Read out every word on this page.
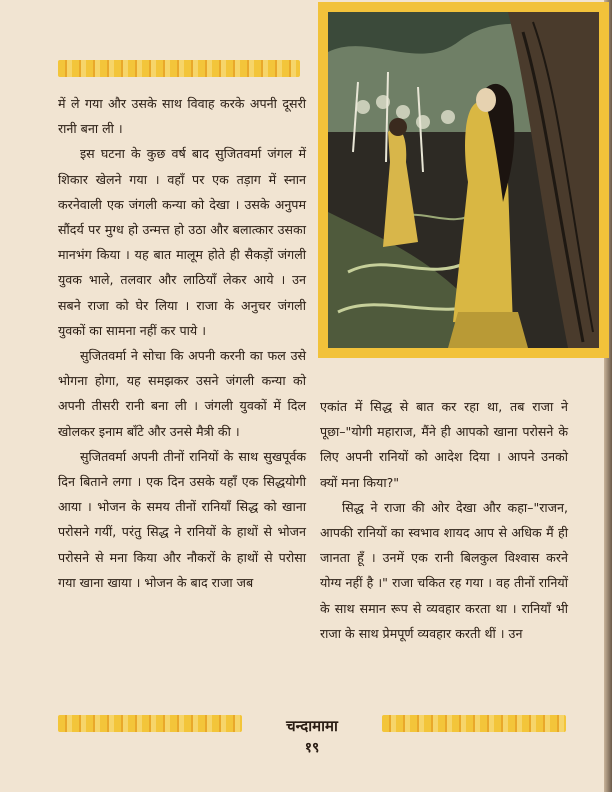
में ले गया और उसके साथ विवाह करके अपनी दूसरी रानी बना ली ।

इस घटना के कुछ वर्ष बाद सुजितवर्मा जंगल में शिकार खेलने गया । वहाँ पर एक तड़ाग में स्नान करनेवाली एक जंगली कन्या को देखा । उसके अनुपम सौंदर्य पर मुग्ध हो उन्मत्त हो उठा और बलात्कार उसका मानभंग किया । यह बात मालूम होते ही सैकड़ों जंगली युवक भाले, तलवार और लाठियाँ लेकर आये । उन सबने राजा को घेर लिया । राजा के अनुचर जंगली युवकों का सामना नहीं कर पाये ।

सुजितवर्मा ने सोचा कि अपनी करनी का फल उसे भोगना होगा, यह समझकर उसने जंगली कन्या को अपनी तीसरी रानी बना ली । जंगली युवकों में दिल खोलकर इनाम बाँटे और उनसे मैत्री की ।

सुजितवर्मा अपनी तीनों रानियों के साथ सुखपूर्वक दिन बिताने लगा । एक दिन उसके यहाँ एक सिद्धयोगी आया । भोजन के समय तीनों रानियाँ सिद्ध को खाना परोसने गयीं, परंतु सिद्ध ने रानियों के हाथों से भोजन परोसने से मना किया और नौकरों के हाथों से परोसा गया खाना खाया । भोजन के बाद राजा जब

एकांत में सिद्ध से बात कर रहा था, तब राजा ने पूछा–"योगी महाराज, मैंने ही आपको खाना परोसने के लिए अपनी रानियों को आदेश दिया । आपने उनको क्यों मना किया?"

सिद्ध ने राजा की ओर देखा और कहा–"राजन, आपकी रानियों का स्वभाव शायद आप से अधिक मैं ही जानता हूँ । उनमें एक रानी बिलकुल विश्वास करने योग्य नहीं है ।" राजा चकित रह गया । वह तीनों रानियों के साथ समान रूप से व्यवहार करता था । रानियाँ भी राजा के साथ प्रेमपूर्ण व्यवहार करती थीं । उन

चन्दामामा
१९
